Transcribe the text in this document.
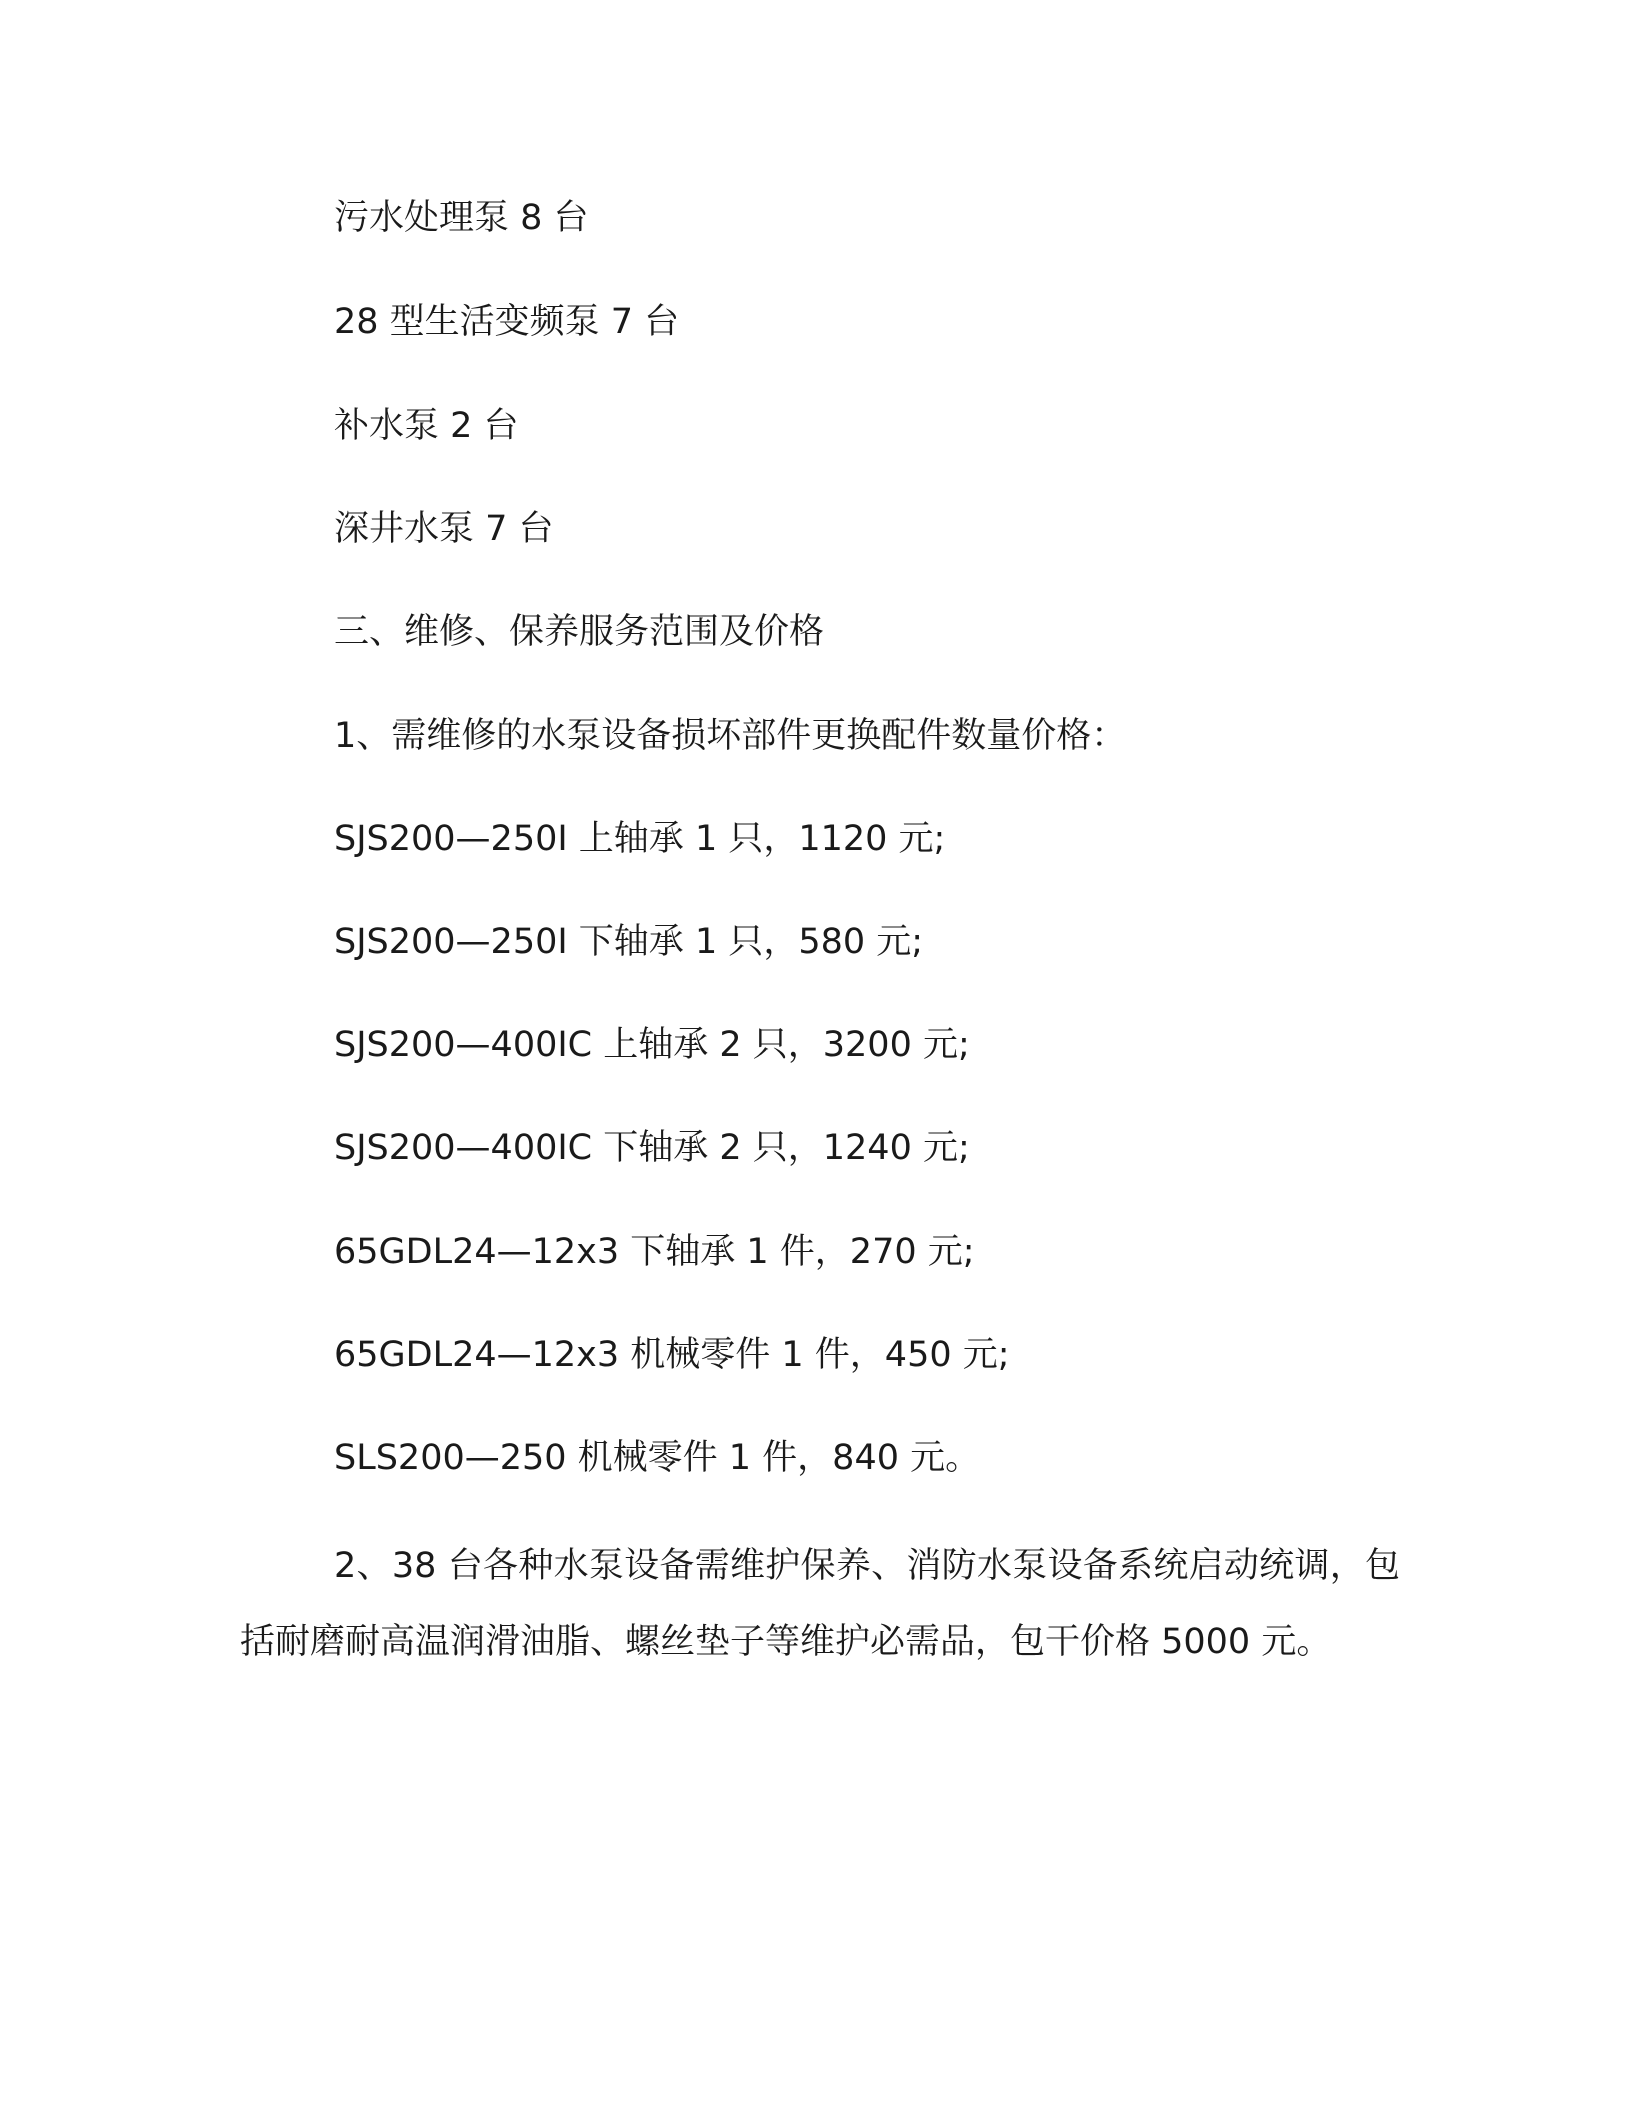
污水处理泵 8 台
28 型生活变频泵 7 台
补水泵 2 台
深井水泵 7 台
三、维修、保养服务范围及价格
1、需维修的水泵设备损坏部件更换配件数量价格：
SJS200—250I 上轴承 1 只，1120 元;
SJS200—250I 下轴承 1 只，580 元;
SJS200—400IC 上轴承 2 只，3200 元;
SJS200—400IC 下轴承 2 只，1240 元;
65GDL24—12x3 下轴承 1 件，270 元;
65GDL24—12x3 机械零件 1 件，450 元;
SLS200—250 机械零件 1 件，840 元。
2、38 台各种水泵设备需维护保养、消防水泵设备系统启动统调，包括耐磨耐高温润滑油脂、螺丝垫子等维护必需品，包干价格 5000 元。
